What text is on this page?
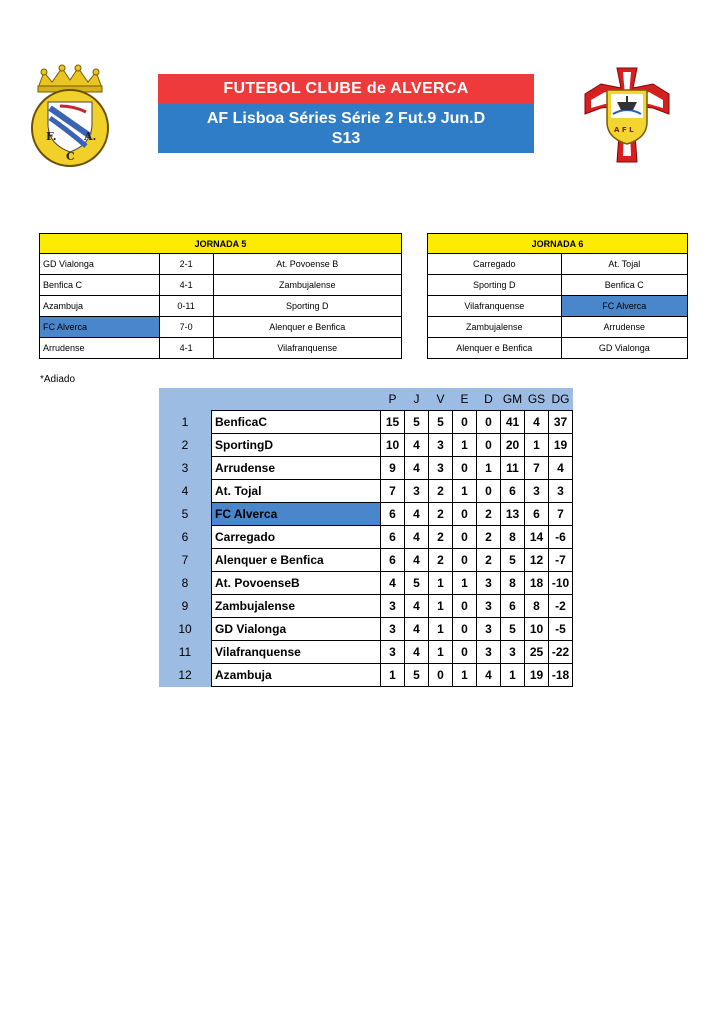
F. A.
C
A F L
FUTEBOL CLUBE de ALVERCA
AF Lisboa Séries Série 2 Fut.9 Jun.D
S13
JORNADA 5		
GD Vialonga	2-1	At. Povoense B
Benfica C	4-1	Zambujalense
Azambuja	0-11	Sporting D
FC Alverca	7-0	Alenquer e Benfica
Arrudense	4-1	Vilafranquense
JORNADA 6	
Carregado	At. Tojal
Sporting D	Benfica C
Vilafranquense	FC Alverca
Zambujalense	Arrudense
Alenquer e Benfica	GD Vialonga
*Adiado
		P	J	V	E	D	GM	GS	DG
1	BenficaC	15	5	5	0	0	41	4	37
2	SportingD	10	4	3	1	0	20	1	19
3	Arrudense	9	4	3	0	1	11	7	4
4	At. Tojal	7	3	2	1	0	6	3	3
5	FC Alverca	6	4	2	0	2	13	6	7
6	Carregado	6	4	2	0	2	8	14	-6
7	Alenquer e Benfica	6	4	2	0	2	5	12	-7
8	At. PovoenseB	4	5	1	1	3	8	18	-10
9	Zambujalense	3	4	1	0	3	6	8	-2
10	GD Vialonga	3	4	1	0	3	5	10	-5
11	Vilafranquense	3	4	1	0	3	3	25	-22
12	Azambuja	1	5	0	1	4	1	19	-18
